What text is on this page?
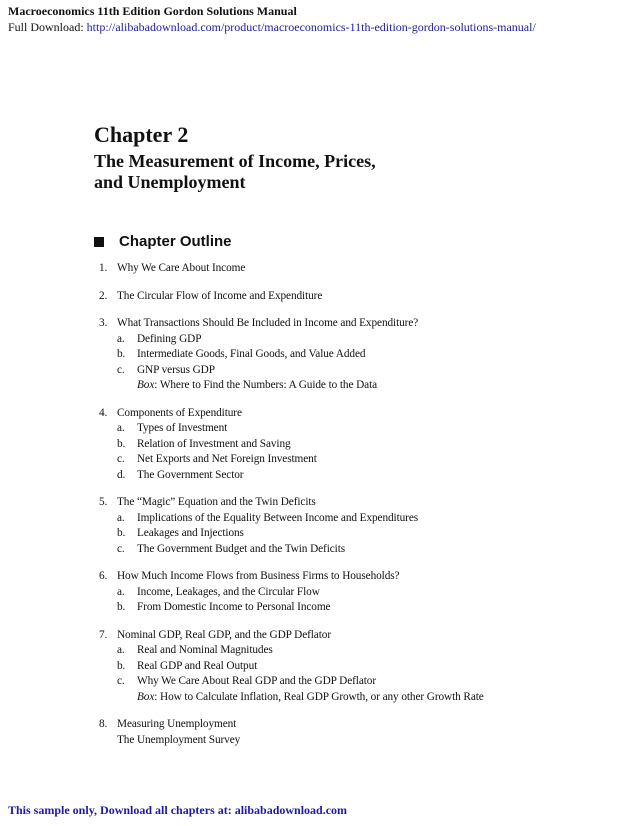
Macroeconomics 11th Edition Gordon Solutions Manual
Full Download: http://alibabadownload.com/product/macroeconomics-11th-edition-gordon-solutions-manual/
Chapter 2
The Measurement of Income, Prices,
and Unemployment
Chapter Outline
1. Why We Care About Income
2. The Circular Flow of Income and Expenditure
3. What Transactions Should Be Included in Income and Expenditure?
a.	Defining GDP
b.	Intermediate Goods, Final Goods, and Value Added
c.	GNP versus GDP
Box: Where to Find the Numbers: A Guide to the Data
4. Components of Expenditure
a.	Types of Investment
b.	Relation of Investment and Saving
c.	Net Exports and Net Foreign Investment
d.	The Government Sector
5. The “Magic” Equation and the Twin Deficits
a.	Implications of the Equality Between Income and Expenditures
b.	Leakages and Injections
c.	The Government Budget and the Twin Deficits
6. How Much Income Flows from Business Firms to Households?
a.	Income, Leakages, and the Circular Flow
b.	From Domestic Income to Personal Income
7. Nominal GDP, Real GDP, and the GDP Deflator
a.	Real and Nominal Magnitudes
b.	Real GDP and Real Output
c.	Why We Care About Real GDP and the GDP Deflator
Box: How to Calculate Inflation, Real GDP Growth, or any other Growth Rate
8. Measuring Unemployment
The Unemployment Survey
This sample only, Download all chapters at: alibabadownload.com
